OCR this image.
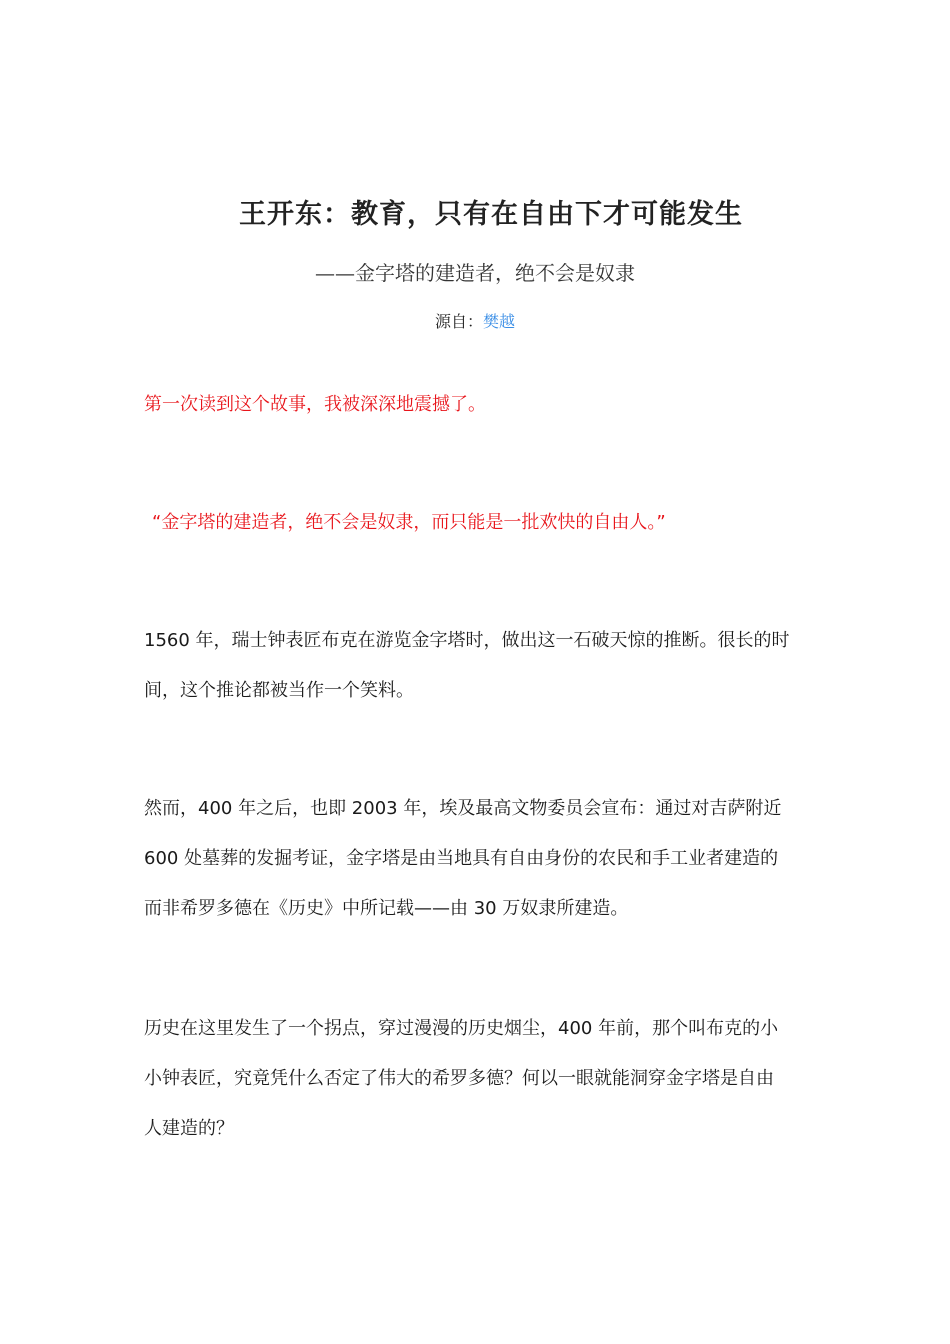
王开东：教育，只有在自由下才可能发生
——金字塔的建造者，绝不会是奴隶
源自：樊越
第一次读到这个故事，我被深深地震撼了。
“金字塔的建造者，绝不会是奴隶，而只能是一批欢快的自由人。”
1560 年，瑞士钟表匠布克在游览金字塔时，做出这一石破天惊的推断。很长的时
间，这个推论都被当作一个笑料。
然而，400 年之后，也即 2003 年，埃及最高文物委员会宣布：通过对吉萨附近
600 处墓葬的发掘考证，金字塔是由当地具有自由身份的农民和手工业者建造的
而非希罗多德在《历史》中所记载——由 30 万奴隶所建造。
历史在这里发生了一个拐点，穿过漫漫的历史烟尘，400 年前，那个叫布克的小
小钟表匠，究竟凭什么否定了伟大的希罗多德？何以一眼就能洞穿金字塔是自由
人建造的？
